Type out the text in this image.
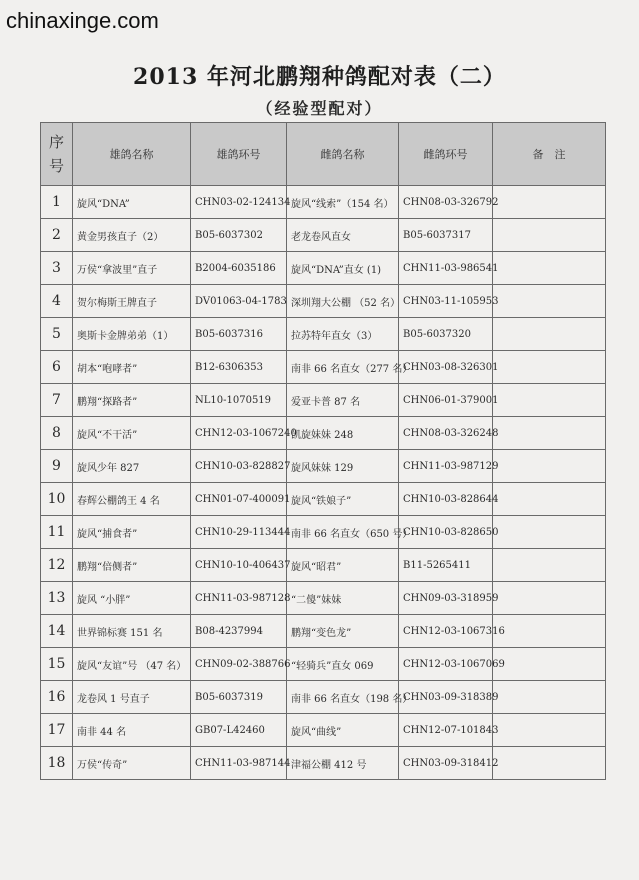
chinaxinge.com
2013 年河北鹏翔种鸽配对表（二）
（经验型配对）
序号	雄鸽名称	雄鸽环号	雌鸽名称	雌鸽环号	备　注
1	旋风“DNA”	CHN03-02-124134	旋风“线索”（154 名）	CHN08-03-326792	
2	黄金男孩直子（2）	B05-6037302	老龙卷风直女	B05-6037317	
3	万侯“拿波里”直子	B2004-6035186	旋风“DNA”直女 (1)	CHN11-03-986541	
4	贺尔梅斯王牌直子	DV01063-04-1783	深圳翔大公棚 （52 名）	CHN03-11-105953	
5	奥斯卡金牌弟弟（1）	B05-6037316	拉苏特年直女（3）	B05-6037320	
6	胡本“咆哮者”	B12-6306353	南非 66 名直女（277 名）	CHN03-08-326301	
7	鹏翔“探路者”	NL10-1070519	爱亚卡普 87 名	CHN06-01-379001	
8	旋风“不干活”	CHN12-03-1067240	凯旋妹妹 248	CHN08-03-326248	
9	旋风少年 827	CHN10-03-828827	旋风妹妹 129	CHN11-03-987129	
10	春辉公棚鸽王 4 名	CHN01-07-400091	旋风“铁娘子”	CHN10-03-828644	
11	旋风“捕食者”	CHN10-29-113444	南非 66 名直女（650 号）	CHN10-03-828650	
12	鹏翔“倍侧者”	CHN10-10-406437	旋风“昭君”	B11-5265411	
13	旋风 “小胖”	CHN11-03-987128	“二傻”妹妹	CHN09-03-318959	
14	世界锦标赛 151 名	B08-4237994	鹏翔“变色龙”	CHN12-03-1067316	
15	旋风“友谊”号 （47 名）	CHN09-02-388766	“轻骑兵”直女 069	CHN12-03-1067069	
16	龙卷风 1 号直子	B05-6037319	南非 66 名直女（198 名）	CHN03-09-318389	
17	南非 44 名	GB07-L42460	旋风“曲线”	CHN12-07-101843	
18	万侯“传奇”	CHN11-03-987144	津福公棚 412 号	CHN03-09-318412	
